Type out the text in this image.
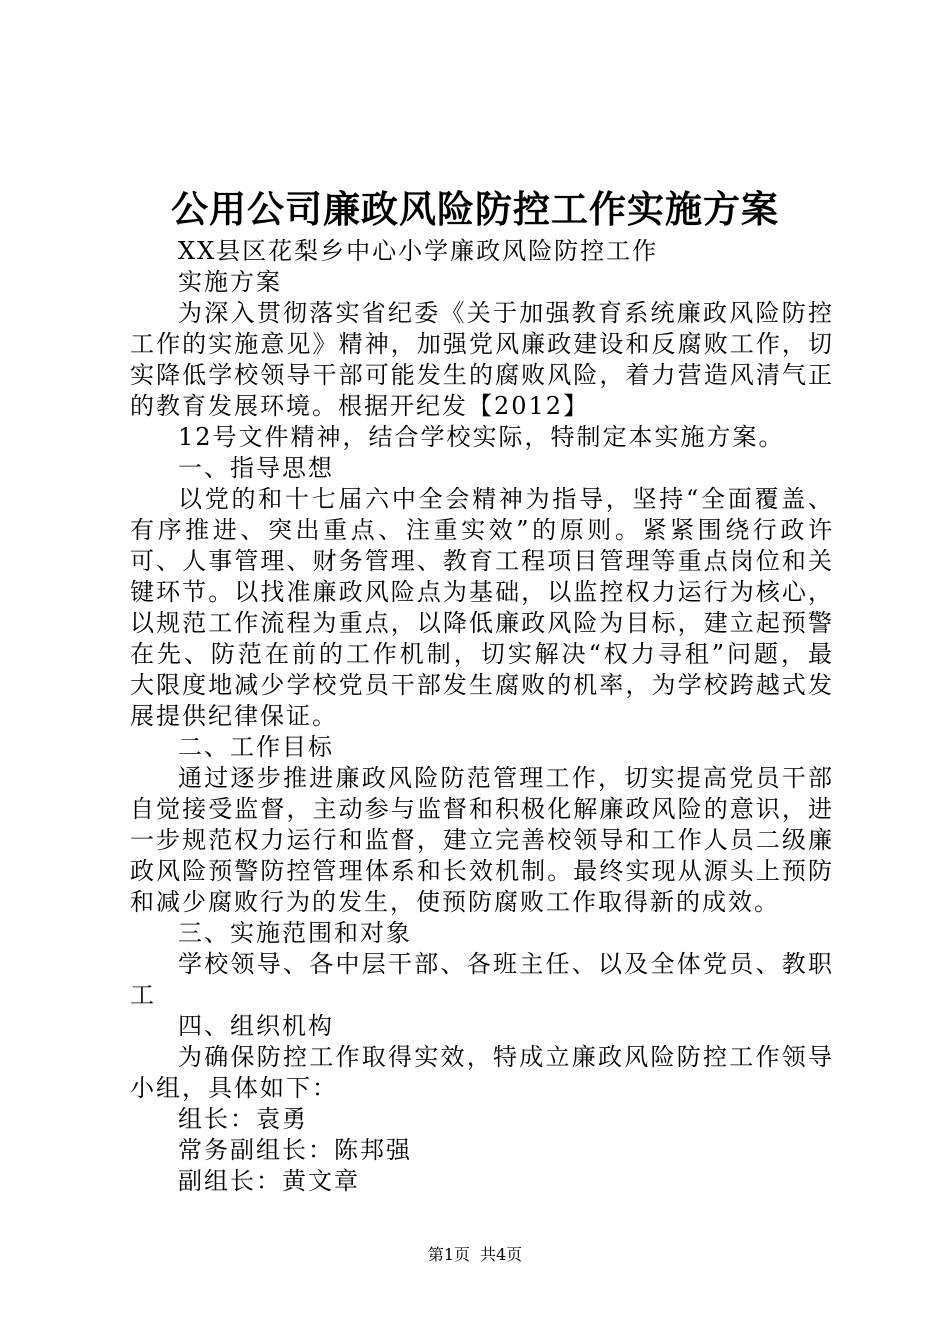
公用公司廉政风险防控工作实施方案

XX县区花梨乡中心小学廉政风险防控工作

实施方案

为深入贯彻落实省纪委《关于加强教育系统廉政风险防控工作的实施意见》精神，加强党风廉政建设和反腐败工作，切实降低学校领导干部可能发生的腐败风险，着力营造风清气正的教育发展环境。根据开纪发【2012】

12号文件精神，结合学校实际，特制定本实施方案。

一、指导思想

以党的和十七届六中全会精神为指导，坚持“全面覆盖、有序推进、突出重点、注重实效”的原则。紧紧围绕行政许可、人事管理、财务管理、教育工程项目管理等重点岗位和关键环节。以找准廉政风险点为基础，以监控权力运行为核心，以规范工作流程为重点，以降低廉政风险为目标，建立起预警在先、防范在前的工作机制，切实解决“权力寻租”问题，最大限度地减少学校党员干部发生腐败的机率，为学校跨越式发展提供纪律保证。

二、工作目标

通过逐步推进廉政风险防范管理工作，切实提高党员干部自觉接受监督，主动参与监督和积极化解廉政风险的意识，进一步规范权力运行和监督，建立完善校领导和工作人员二级廉政风险预警防控管理体系和长效机制。最终实现从源头上预防和减少腐败行为的发生，使预防腐败工作取得新的成效。

三、实施范围和对象

学校领导、各中层干部、各班主任、以及全体党员、教职工

四、组织机构

为确保防控工作取得实效，特成立廉政风险防控工作领导小组，具体如下：

组长：袁勇

常务副组长：陈邦强

副组长：黄文章

第1页 共4页
